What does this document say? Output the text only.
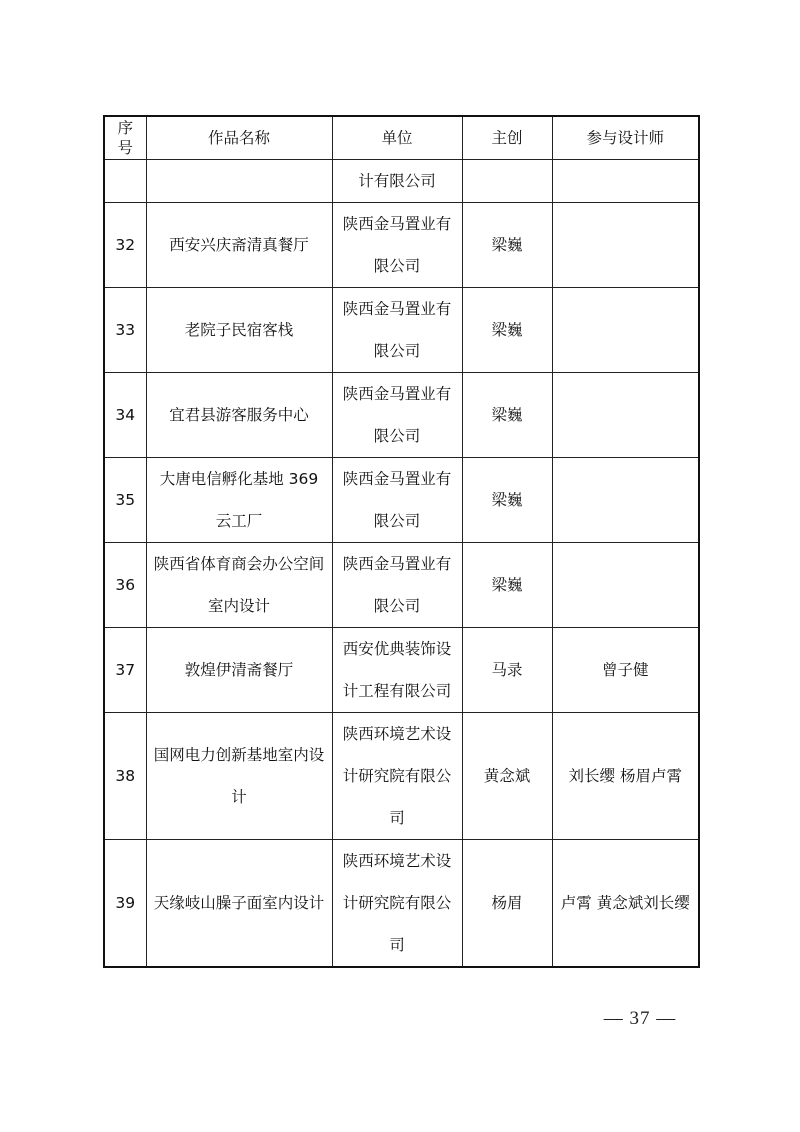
序号	作品名称	单位	主创	参与设计师
		计有限公司		
32	西安兴庆斋清真餐厅	陕西金马置业有限公司	梁巍	
33	老院子民宿客栈	陕西金马置业有限公司	梁巍	
34	宜君县游客服务中心	陕西金马置业有限公司	梁巍	
35	大唐电信孵化基地 369 云工厂	陕西金马置业有限公司	梁巍	
36	陕西省体育商会办公空间室内设计	陕西金马置业有限公司	梁巍	
37	敦煌伊清斋餐厅	西安优典装饰设计工程有限公司	马录	曾子健
38	国网电力创新基地室内设计	陕西环境艺术设计研究院有限公司	黄念斌	刘长缨 杨眉卢霄
39	天缘岐山臊子面室内设计	陕西环境艺术设计研究院有限公司	杨眉	卢霄 黄念斌刘长缨
— 37 —
